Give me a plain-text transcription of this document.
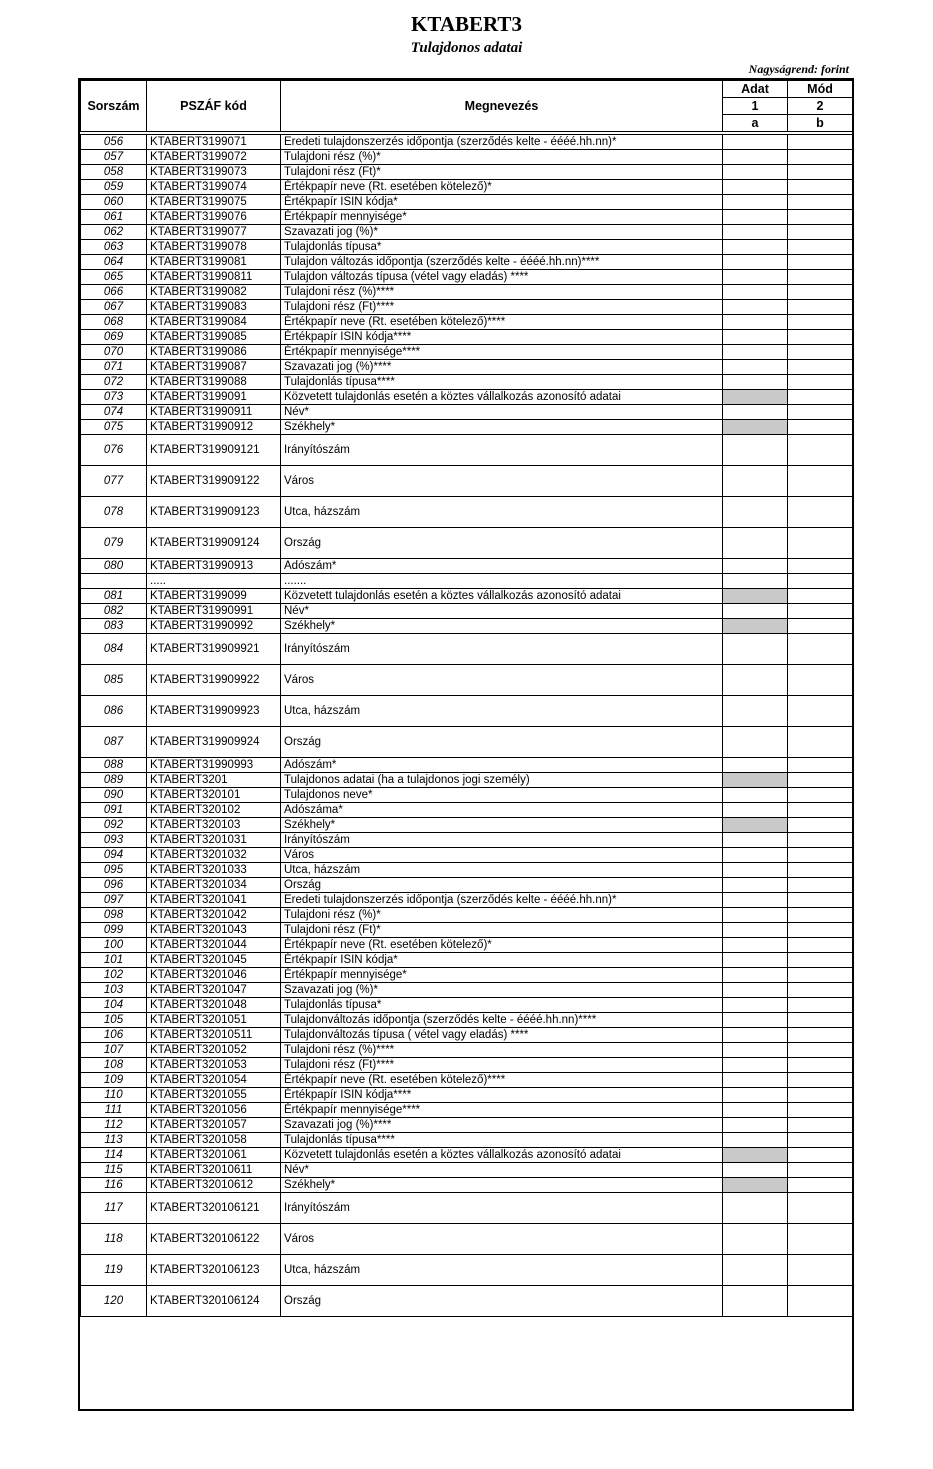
KTABERT3
Tulajdonos adatai
Nagyságrend: forint
Sorszám	PSZÁF kód	Megnevezés	Adat	Mód
			1	2
			a	b

056	KTABERT3199071	Eredeti tulajdonszerzés időpontja (szerződés kelte - éééé.hh.nn)*		
057	KTABERT3199072	Tulajdoni rész (%)*		
058	KTABERT3199073	Tulajdoni rész (Ft)*		
059	KTABERT3199074	Értékpapír neve (Rt. esetében kötelező)*		
060	KTABERT3199075	Értékpapír ISIN kódja*		
061	KTABERT3199076	Értékpapír mennyisége*		
062	KTABERT3199077	Szavazati jog (%)*		
063	KTABERT3199078	Tulajdonlás típusa*		
064	KTABERT3199081	Tulajdon változás időpontja (szerződés kelte - éééé.hh.nn)****		
065	KTABERT31990811	Tulajdon változás típusa (vétel vagy eladás) ****		
066	KTABERT3199082	Tulajdoni rész (%)****		
067	KTABERT3199083	Tulajdoni rész (Ft)****		
068	KTABERT3199084	Értékpapír neve (Rt. esetében kötelező)****		
069	KTABERT3199085	Értékpapír ISIN kódja****		
070	KTABERT3199086	Értékpapír mennyisége****		
071	KTABERT3199087	Szavazati jog (%)****		
072	KTABERT3199088	Tulajdonlás típusa****		
073	KTABERT3199091	Közvetett tulajdonlás esetén a köztes vállalkozás azonosító adatai		
074	KTABERT31990911	Név*		
075	KTABERT31990912	Székhely*		
076	KTABERT319909121	Irányítószám		
077	KTABERT319909122	Város		
078	KTABERT319909123	Utca, házszám		
079	KTABERT319909124	Ország		
080	KTABERT31990913	Adószám*		
	.....	.......		
081	KTABERT3199099	Közvetett tulajdonlás esetén a köztes vállalkozás azonosító adatai		
082	KTABERT31990991	Név*		
083	KTABERT31990992	Székhely*		
084	KTABERT319909921	Irányítószám		
085	KTABERT319909922	Város		
086	KTABERT319909923	Utca, házszám		
087	KTABERT319909924	Ország		
088	KTABERT31990993	Adószám*		
089	KTABERT3201	Tulajdonos adatai (ha a tulajdonos jogi személy)		
090	KTABERT320101	Tulajdonos neve*		
091	KTABERT320102	Adószáma*		
092	KTABERT320103	Székhely*		
093	KTABERT3201031	Irányítószám		
094	KTABERT3201032	Város		
095	KTABERT3201033	Utca, házszám		
096	KTABERT3201034	Ország		
097	KTABERT3201041	Eredeti tulajdonszerzés időpontja (szerződés kelte - éééé.hh.nn)*		
098	KTABERT3201042	Tulajdoni rész (%)*		
099	KTABERT3201043	Tulajdoni rész (Ft)*		
100	KTABERT3201044	Értékpapír neve (Rt. esetében kötelező)*		
101	KTABERT3201045	Értékpapír ISIN kódja*		
102	KTABERT3201046	Értékpapír mennyisége*		
103	KTABERT3201047	Szavazati jog (%)*		
104	KTABERT3201048	Tulajdonlás típusa*		
105	KTABERT3201051	Tulajdonváltozás időpontja (szerződés kelte - éééé.hh.nn)****		
106	KTABERT32010511	Tulajdonváltozás típusa ( vétel vagy eladás) ****		
107	KTABERT3201052	Tulajdoni rész (%)****		
108	KTABERT3201053	Tulajdoni rész (Ft)****		
109	KTABERT3201054	Értékpapír neve (Rt. esetében kötelező)****		
110	KTABERT3201055	Értékpapír ISIN kódja****		
111	KTABERT3201056	Értékpapír mennyisége****		
112	KTABERT3201057	Szavazati jog (%)****		
113	KTABERT3201058	Tulajdonlás típusa****		
114	KTABERT3201061	Közvetett tulajdonlás esetén a köztes vállalkozás azonosító adatai		
115	KTABERT32010611	Név*		
116	KTABERT32010612	Székhely*		
117	KTABERT320106121	Irányítószám		
118	KTABERT320106122	Város		
119	KTABERT320106123	Utca, házszám		
120	KTABERT320106124	Ország		
